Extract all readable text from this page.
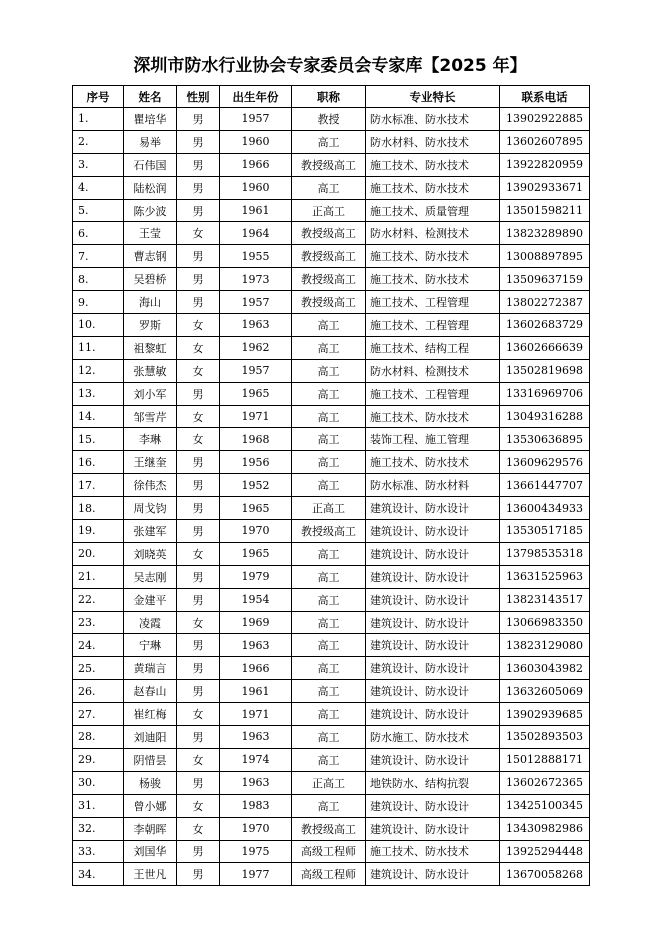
深圳市防水行业协会专家委员会专家库【2025 年】
序号	姓名	性别	出生年份	职称	专业特长	联系电话
1.	瞿培华	男	1957	教授	防水标准、防水技术	13902922885
2.	易举	男	1960	高工	防水材料、防水技术	13602607895
3.	石伟国	男	1966	教授级高工	施工技术、防水技术	13922820959
4.	陆松润	男	1960	高工	施工技术、防水技术	13902933671
5.	陈少波	男	1961	正高工	施工技术、质量管理	13501598211
6.	王莹	女	1964	教授级高工	防水材料、检测技术	13823289890
7.	曹志钢	男	1955	教授级高工	施工技术、防水技术	13008897895
8.	吴碧桥	男	1973	教授级高工	施工技术、防水技术	13509637159
9.	海山	男	1957	教授级高工	施工技术、工程管理	13802272387
10.	罗斯	女	1963	高工	施工技术、工程管理	13602683729
11.	祖黎虹	女	1962	高工	施工技术、结构工程	13602666639
12.	张慧敏	女	1957	高工	防水材料、检测技术	13502819698
13.	刘小军	男	1965	高工	施工技术、工程管理	13316969706
14.	邹雪芹	女	1971	高工	施工技术、防水技术	13049316288
15.	李琳	女	1968	高工	装饰工程、施工管理	13530636895
16.	王继奎	男	1956	高工	施工技术、防水技术	13609629576
17.	徐伟杰	男	1952	高工	防水标准、防水材料	13661447707
18.	周戈钧	男	1965	正高工	建筑设计、防水设计	13600434933
19.	张建军	男	1970	教授级高工	建筑设计、防水设计	13530517185
20.	刘晓英	女	1965	高工	建筑设计、防水设计	13798535318
21.	吴志刚	男	1979	高工	建筑设计、防水设计	13631525963
22.	金建平	男	1954	高工	建筑设计、防水设计	13823143517
23.	凌霞	女	1969	高工	建筑设计、防水设计	13066983350
24.	宁琳	男	1963	高工	建筑设计、防水设计	13823129080
25.	黄瑞言	男	1966	高工	建筑设计、防水设计	13603043982
26.	赵春山	男	1961	高工	建筑设计、防水设计	13632605069
27.	崔红梅	女	1971	高工	建筑设计、防水设计	13902939685
28.	刘迪阳	男	1963	高工	防水施工、防水技术	13502893503
29.	阴惜昙	女	1974	高工	建筑设计、防水设计	15012888171
30.	杨骏	男	1963	正高工	地铁防水、结构抗裂	13602672365
31.	曾小娜	女	1983	高工	建筑设计、防水设计	13425100345
32.	李朝晖	女	1970	教授级高工	建筑设计、防水设计	13430982986
33.	刘国华	男	1975	高级工程师	施工技术、防水技术	13925294448
34.	王世凡	男	1977	高级工程师	建筑设计、防水设计	13670058268
